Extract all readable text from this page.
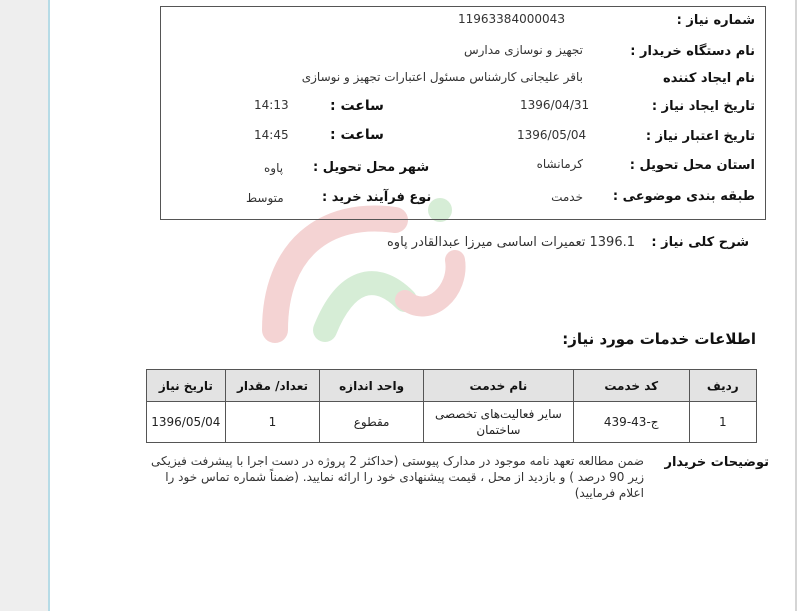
شماره نیاز :
1196338400004З
نام دستگاه خریدار :
تجهیز و نوسازی مدارس
نام ایجاد کننده
باقر علیجانی کارشناس مسئول اعتبارات تجهیز و نوسازی
تاریخ ایجاد نیاز :
1396/04/31
ساعت :
14:13
تاریخ اعتبار نیاز :
1396/05/04
ساعت :
14:45
استان محل تحویل :
کرمانشاه
شهر محل تحویل :
پاوه
طبقه بندی موضوعی :
خدمت
نوع فرآیند خرید :
متوسط
شرح کلی نیاز :
1396.1 تعمیرات اساسی میرزا عبدالقادر پاوه
اطلاعات خدمات مورد نیاز:
ردیف	کد خدمت	نام خدمت	واحد اندازه	تعداد/ مقدار	تاریخ نیاز
1	ج-43-439	سایر فعالیت‌های تخصصی ساختمان	مقطوع	1	1396/05/04
توضیحات خریدار
ضمن مطالعه تعهد نامه موجود در مدارک پیوستی (حداکثر 2 پروژه در دست اجرا با پیشرفت فیزیکی زیر 90 درصد ) و بازدید از محل ، قیمت پیشنهادی خود را ارائه نمایید. (ضمناً شماره تماس خود را اعلام فرمایید)
